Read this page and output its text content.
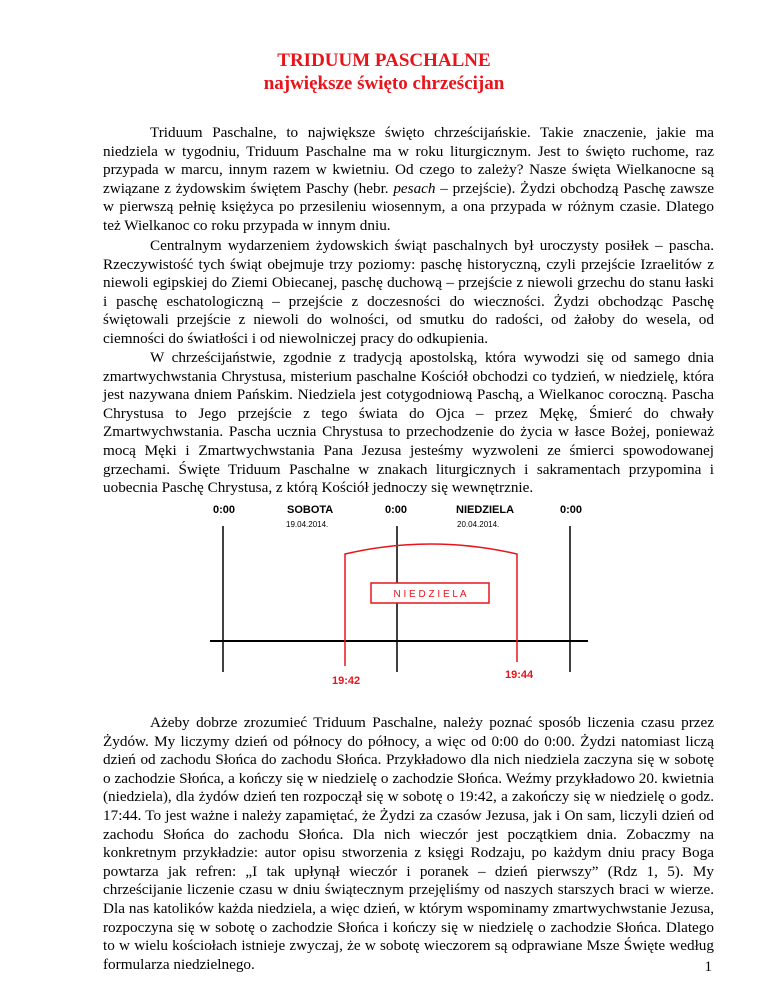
TRIDUUM PASCHALNE
największe święto chrześcijan

Triduum Paschalne, to największe święto chrześcijańskie. Takie znaczenie, jakie ma niedziela w tygodniu, Triduum Paschalne ma w roku liturgicznym. Jest to święto ruchome, raz przypada w marcu, innym razem w kwietniu. Od czego to zależy? Nasze święta Wielkanocne są związane z żydowskim świętem Paschy (hebr. pesach – przejście). Żydzi obchodzą Paschę zawsze w pierwszą pełnię księżyca po przesileniu wiosennym, a ona przypada w różnym czasie. Dlatego też Wielkanoc co roku przypada w innym dniu.

Centralnym wydarzeniem żydowskich świąt paschalnych był uroczysty posiłek – pascha. Rzeczywistość tych świąt obejmuje trzy poziomy: paschę historyczną, czyli przejście Izraelitów z niewoli egipskiej do Ziemi Obiecanej, paschę duchową – przejście z niewoli grzechu do stanu łaski i paschę eschatologiczną – przejście z doczesności do wieczności. Żydzi obchodząc Paschę świętowali przejście z niewoli do wolności, od smutku do radości, od żałoby do wesela, od ciemności do światłości i od niewolniczej pracy do odkupienia.

W chrześcijaństwie, zgodnie z tradycją apostolską, która wywodzi się od samego dnia zmartwychwstania Chrystusa, misterium paschalne Kościół obchodzi co tydzień, w niedzielę, która jest nazywana dniem Pańskim. Niedziela jest cotygodniową Paschą, a Wielkanoc coroczną. Pascha Chrystusa to Jego przejście z tego świata do Ojca – przez Mękę, Śmierć do chwały Zmartwychwstania. Pascha ucznia Chrystusa to przechodzenie do życia w łasce Bożej, ponieważ mocą Męki i Zmartwychwstania Pana Jezusa jesteśmy wyzwoleni ze śmierci spowodowanej grzechami. Święte Triduum Paschalne w znakach liturgicznych i sakramentach przypomina i uobecnia Paschę Chrystusa, z którą Kościół jednoczy się wewnętrznie.

0:00	0:00	0:00
SOBOTA
19.04.2014.
NIEDZIELA
20.04.2014.
N I E D Z I E L A
19:42	19:44

Ażeby dobrze zrozumieć Triduum Paschalne, należy poznać sposób liczenia czasu przez Żydów. My liczymy dzień od północy do północy, a więc od 0:00 do 0:00. Żydzi natomiast liczą dzień od zachodu Słońca do zachodu Słońca. Przykładowo dla nich niedziela zaczyna się w sobotę o zachodzie Słońca, a kończy się w niedzielę o zachodzie Słońca. Weźmy przykładowo 20. kwietnia (niedziela), dla żydów dzień ten rozpoczął się w sobotę o 19:42, a zakończy się w niedzielę o godz. 17:44. To jest ważne i należy zapamiętać, że Żydzi za czasów Jezusa, jak i On sam, liczyli dzień od zachodu Słońca do zachodu Słońca. Dla nich wieczór jest początkiem dnia. Zobaczmy na konkretnym przykładzie: autor opisu stworzenia z księgi Rodzaju, po każdym dniu pracy Boga powtarza jak refren: „I tak upłynął wieczór i poranek – dzień pierwszy” (Rdz 1, 5). My chrześcijanie liczenie czasu w dniu świątecznym przejęliśmy od naszych starszych braci w wierze. Dla nas katolików każda niedziela, a więc dzień, w którym wspominamy zmartwychwstanie Jezusa, rozpoczyna się w sobotę o zachodzie Słońca i kończy się w niedzielę o zachodzie Słońca. Dlatego to w wielu kościołach istnieje zwyczaj, że w sobotę wieczorem są odprawiane Msze Święte według formularza niedzielnego.	1
